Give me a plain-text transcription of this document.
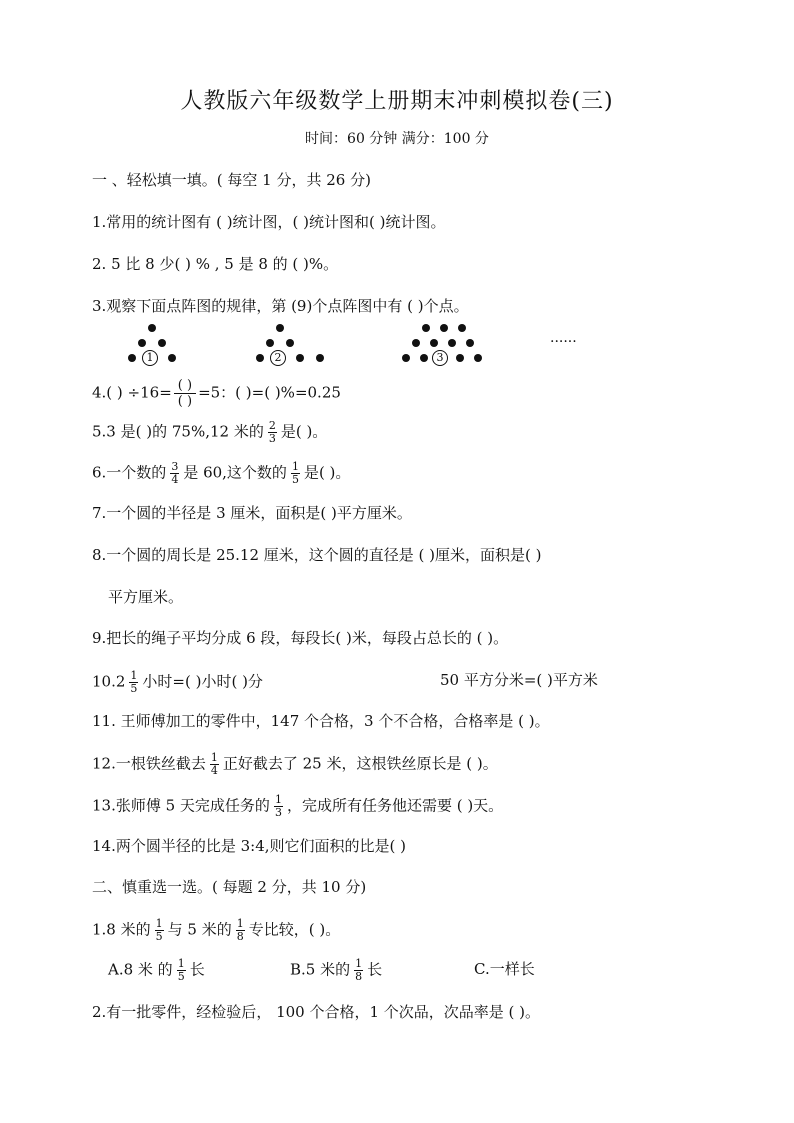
人教版六年级数学上册期末冲刺模拟卷(三)
时间：60 分钟 满分：100 分
一 、轻松填一填。( 每空 1 分，共 26 分)
1.常用的统计图有 ( )统计图，( )统计图和( )统计图。
2. 5 比 8 少( ) % , 5 是 8 的 ( )%。
3.观察下面点阵图的规律，第 (9)个点阵图中有 ( )个点。
1	2	3
......
4.( ) $\div 16= \frac{( )}{( )} =5$：( )=( )%=0.25
5.3 是( )的 75%,12 米的 $\frac{2}{3}$ 是( )。
6.一个数的 $\frac{3}{4}$ 是 60,这个数的 $\frac{1}{5}$ 是( )。
7.一个圆的半径是 3 厘米，面积是( )平方厘米。
8.一个圆的周长是 25.12 厘米，这个圆的直径是 ( )厘米，面积是( )
平方厘米。
9.把长的绳子平均分成 6 段，每段长( )米，每段占总长的 ( )。
$10.2 \frac{1}{5}$ 小时=( )小时( )分	50 平方分米=( )平方米
11. 王师傅加工的零件中，147 个合格，3 个不合格，合格率是 ( )。
12.一根铁丝截去 $\frac{1}{4}$ 正好截去了 25 米，这根铁丝原长是 ( )。
13.张师傅 5 天完成任务的 $\frac{1}{3}$ ，完成所有任务他还需要 ( )天。
14.两个圆半径的比是 3:4,则它们面积的比是( )
二、慎重选一选。( 每题 2 分，共 10 分)
1.8 米的 $\frac{1}{5}$ 与 5 米的 $\frac{1}{8}$ 专比较，( )。
A.8 米 的 $\frac{1}{5}$ 长	B.5 米的 $\frac{1}{8}$ 长	C.一样长
2.有一批零件，经检验后， 100 个合格，1 个次品，次品率是 ( )。
